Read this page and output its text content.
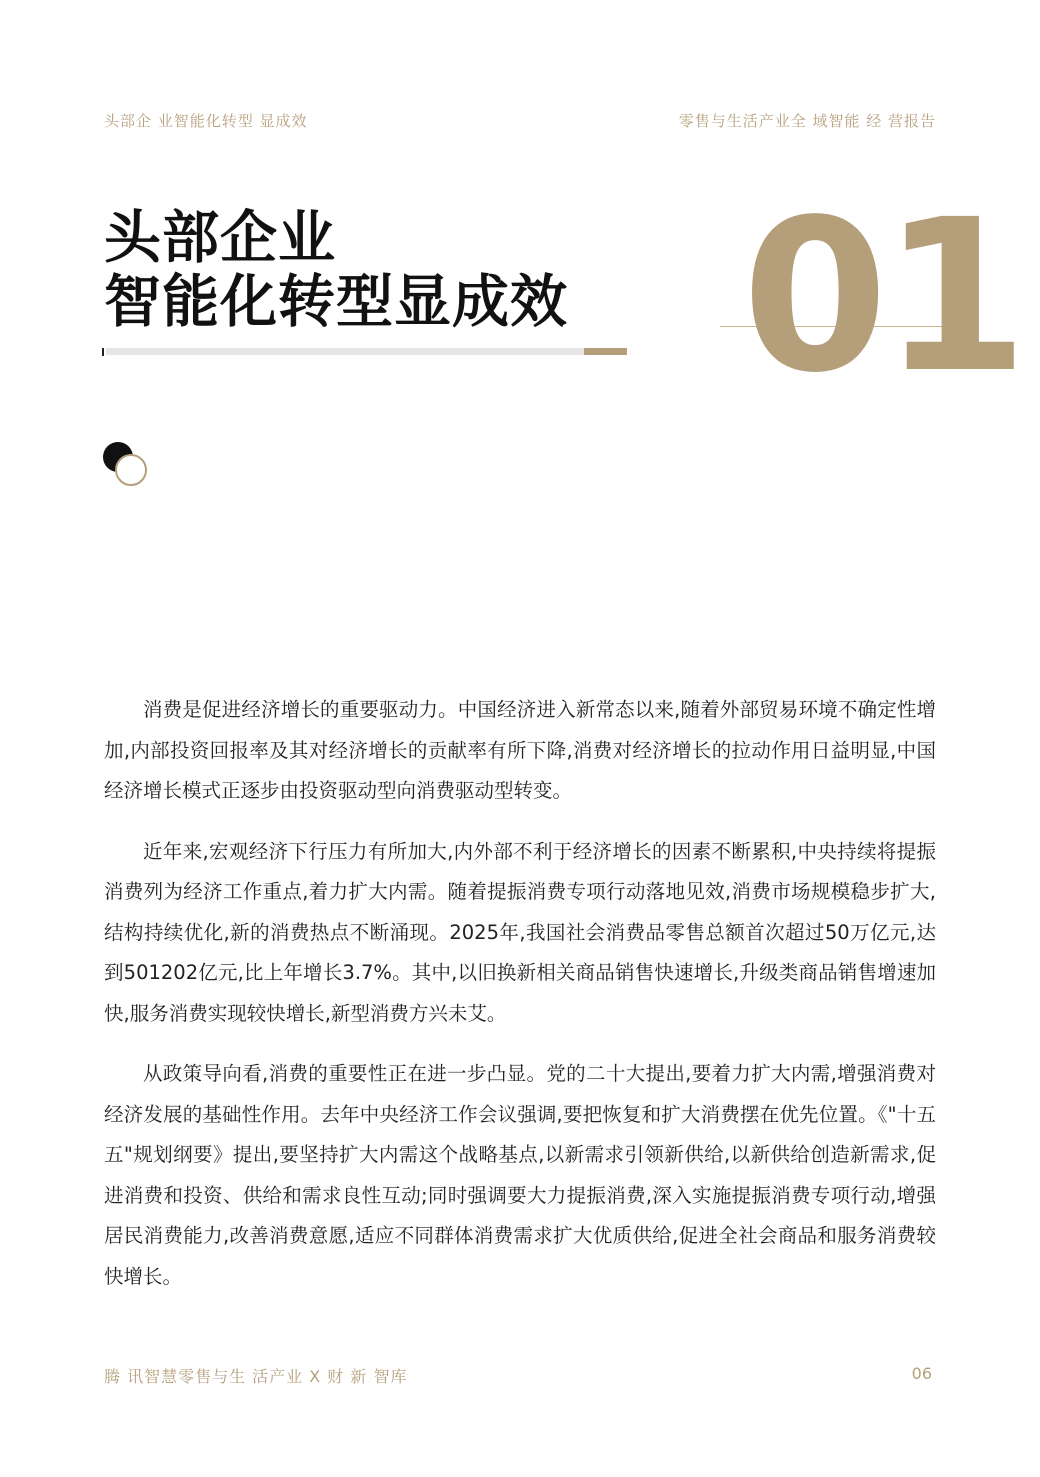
头部企 业智能化转型 显成效	零售与生活产业全 域智能 经 营报告
头部企业
智能化转型显成效 01

消费是促进经济增长的重要驱动力。中国经济进入新常态以来,随着外部贸易环境不确定性增加,内部投资回报率及其对经济增长的贡献率有所下降,消费对经济增长的拉动作用日益明显,中国经济增长模式正逐步由投资驱动型向消费驱动型转变。

近年来,宏观经济下行压力有所加大,内外部不利于经济增长的因素不断累积,中央持续将提振消费列为经济工作重点,着力扩大内需。随着提振消费专项行动落地见效,消费市场规模稳步扩大,结构持续优化,新的消费热点不断涌现。2025年,我国社会消费品零售总额首次超过50万亿元,达到501202亿元,比上年增长3.7%。其中,以旧换新相关商品销售快速增长,升级类商品销售增速加快,服务消费实现较快增长,新型消费方兴未艾。

从政策导向看,消费的重要性正在进一步凸显。党的二十大提出,要着力扩大内需,增强消费对经济发展的基础性作用。去年中央经济工作会议强调,要把恢复和扩大消费摆在优先位置。《"十五五"规划纲要》提出,要坚持扩大内需这个战略基点,以新需求引领新供给,以新供给创造新需求,促进消费和投资、供给和需求良性互动;同时强调要大力提振消费,深入实施提振消费专项行动,增强居民消费能力,改善消费意愿,适应不同群体消费需求扩大优质供给,促进全社会商品和服务消费较快增长。

腾 讯智慧零售与生 活产业 X 财 新 智库	06
